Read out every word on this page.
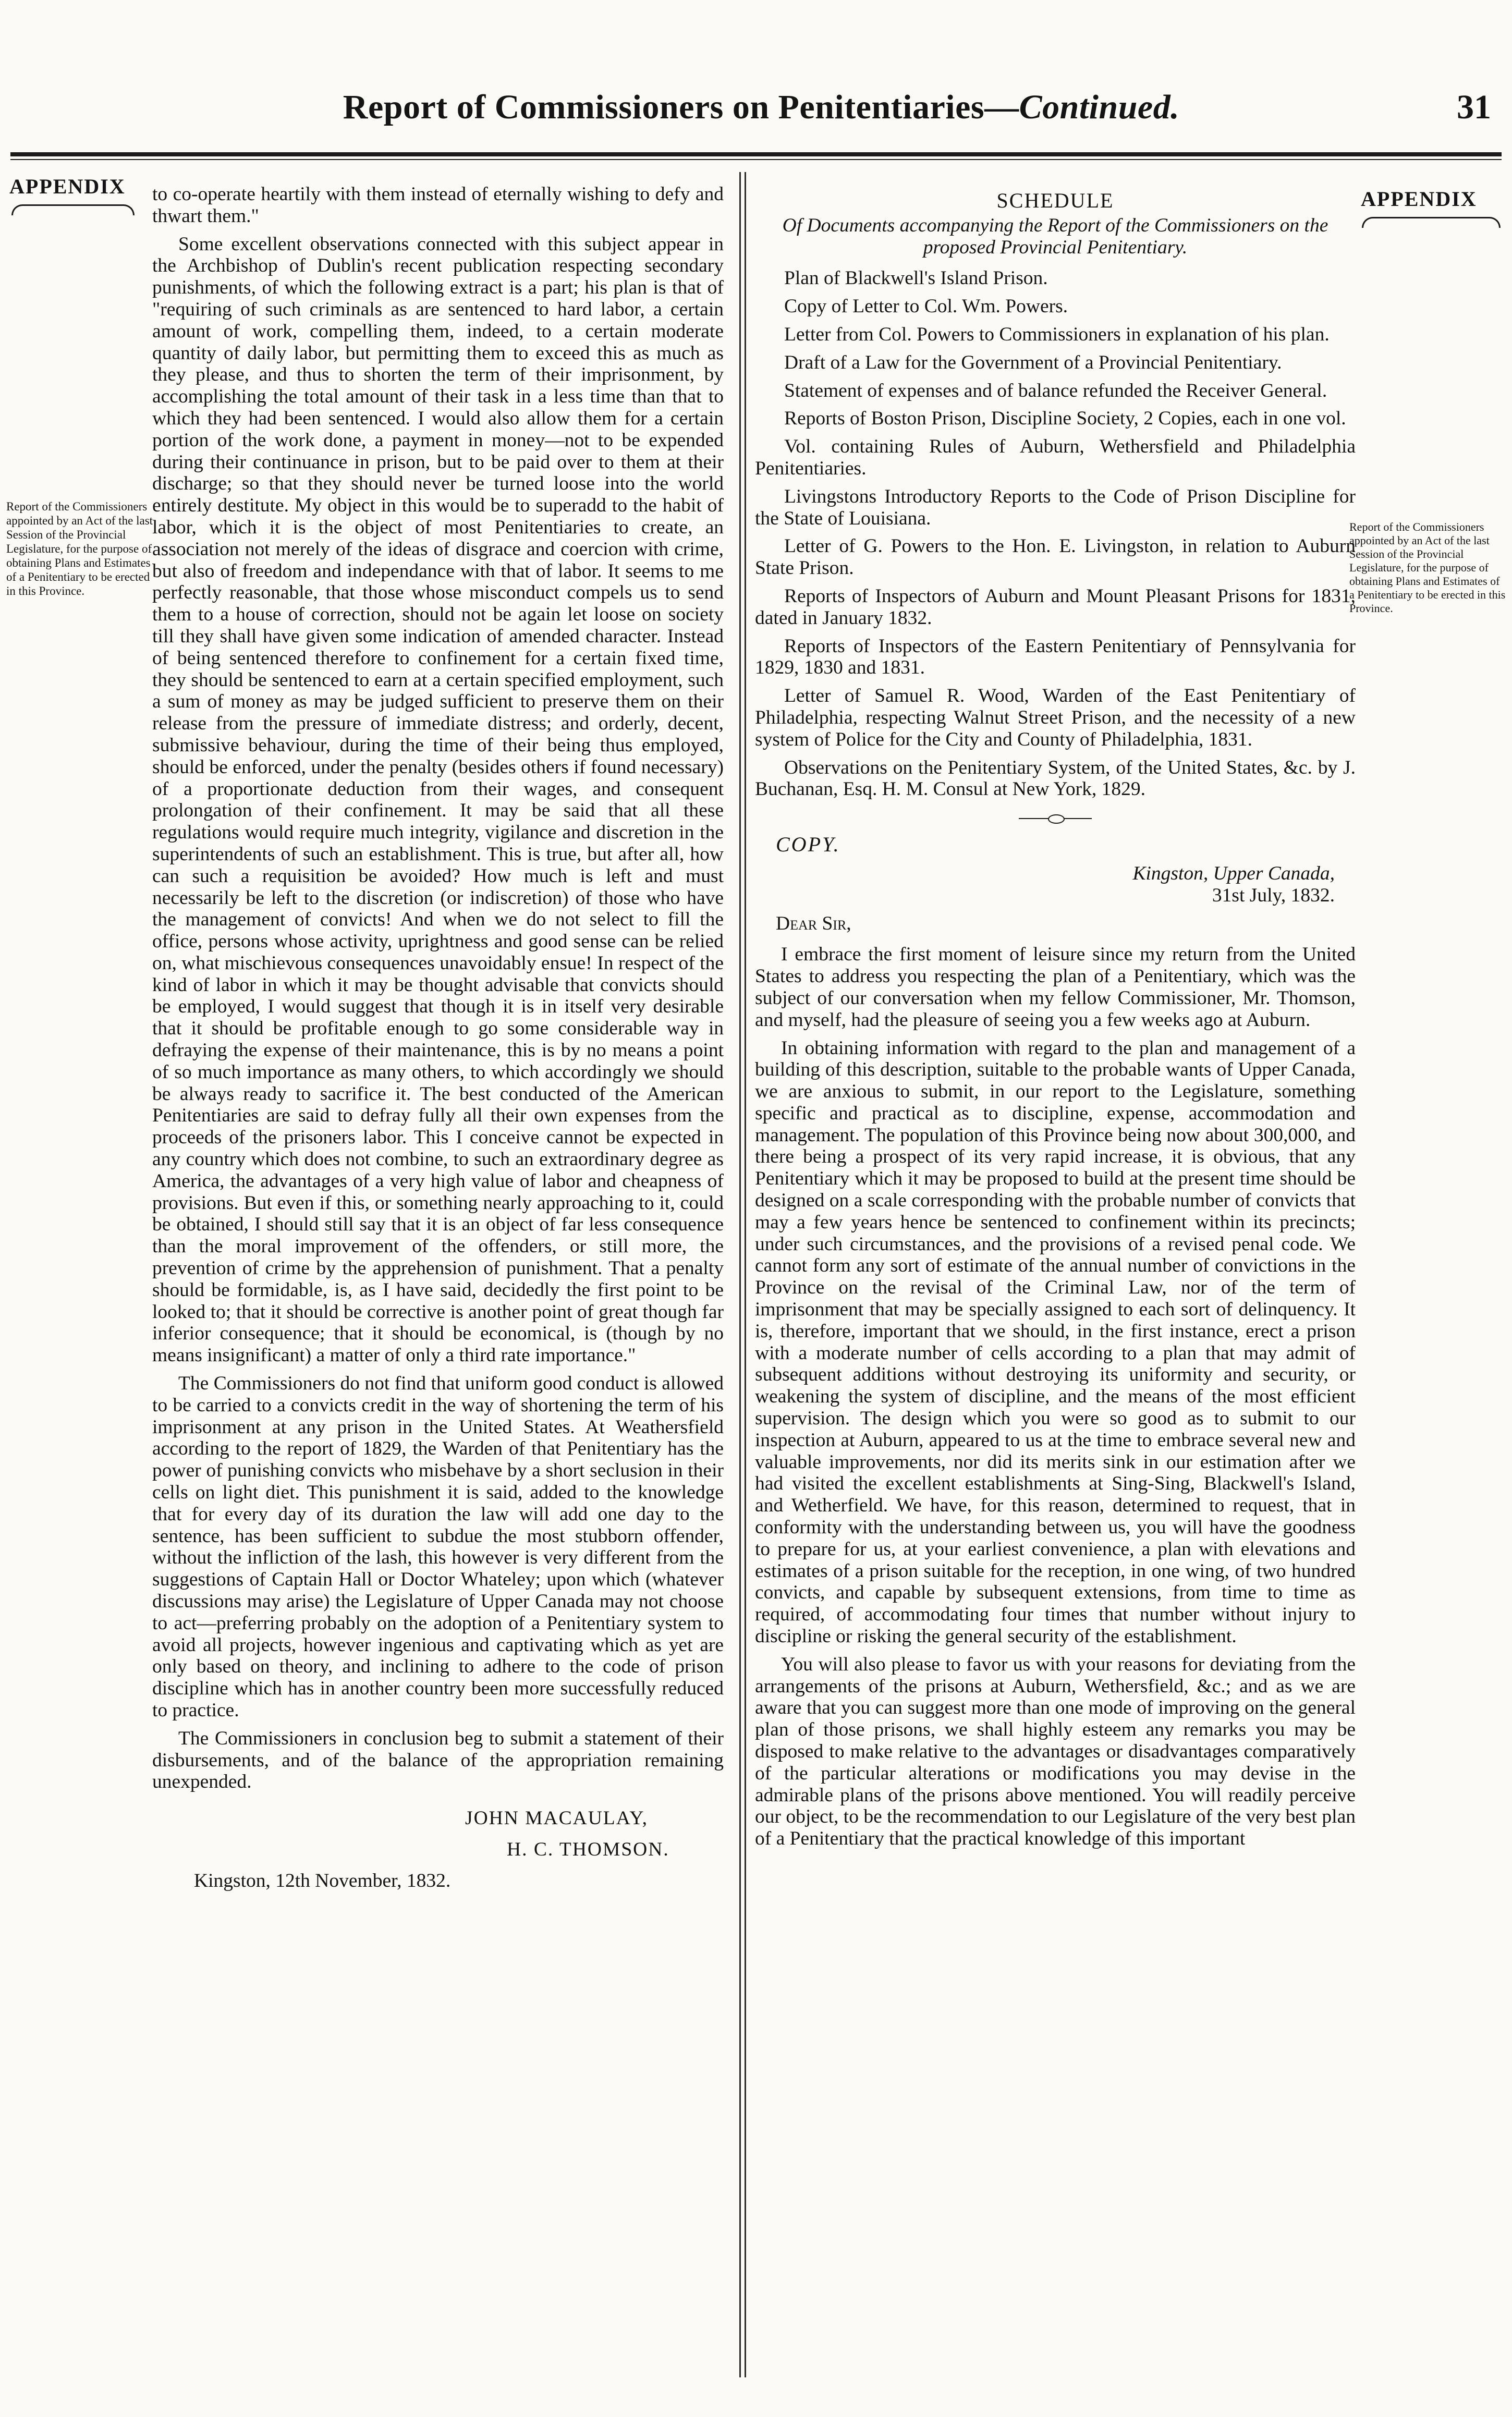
Report of Commissioners on Penitentiaries—Continued.	31
APPENDIX
APPENDIX
Report of the Commissioners appointed by an Act of the last Session of the Provincial Legislature, for the purpose of obtaining Plans and Estimates of a Penitentiary to be erected in this Province.
Report of the Commissioners appointed by an Act of the last Session of the Provincial Legislature, for the purpose of obtaining Plans and Estimates of a Penitentiary to be erected in this Province.

to co-operate heartily with them instead of eternally wishing to defy and thwart them."

Some excellent observations connected with this subject appear in the Archbishop of Dublin's recent publication respecting secondary punishments, of which the following extract is a part; his plan is that of "requiring of such criminals as are sentenced to hard labor, a certain amount of work, compelling them, indeed, to a certain moderate quantity of daily labor, but permitting them to exceed this as much as they please, and thus to shorten the term of their imprisonment, by accomplishing the total amount of their task in a less time than that to which they had been sentenced. I would also allow them for a certain portion of the work done, a payment in money—not to be expended during their continuance in prison, but to be paid over to them at their discharge; so that they should never be turned loose into the world entirely destitute. My object in this would be to superadd to the habit of labor, which it is the object of most Penitentiaries to create, an association not merely of the ideas of disgrace and coercion with crime, but also of freedom and independance with that of labor. It seems to me perfectly reasonable, that those whose misconduct compels us to send them to a house of correction, should not be again let loose on society till they shall have given some indication of amended character. Instead of being sentenced therefore to confinement for a certain fixed time, they should be sentenced to earn at a certain specified employment, such a sum of money as may be judged sufficient to preserve them on their release from the pressure of immediate distress; and orderly, decent, submissive behaviour, during the time of their being thus employed, should be enforced, under the penalty (besides others if found necessary) of a proportionate deduction from their wages, and consequent prolongation of their confinement. It may be said that all these regulations would require much integrity, vigilance and discretion in the superintendents of such an establishment. This is true, but after all, how can such a requisition be avoided? How much is left and must necessarily be left to the discretion (or indiscretion) of those who have the management of convicts! And when we do not select to fill the office, persons whose activity, uprightness and good sense can be relied on, what mischievous consequences unavoidably ensue! In respect of the kind of labor in which it may be thought advisable that convicts should be employed, I would suggest that though it is in itself very desirable that it should be profitable enough to go some considerable way in defraying the expense of their maintenance, this is by no means a point of so much importance as many others, to which accordingly we should be always ready to sacrifice it. The best conducted of the American Penitentiaries are said to defray fully all their own expenses from the proceeds of the prisoners labor. This I conceive cannot be expected in any country which does not combine, to such an extraordinary degree as America, the advantages of a very high value of labor and cheapness of provisions. But even if this, or something nearly approaching to it, could be obtained, I should still say that it is an object of far less consequence than the moral improvement of the offenders, or still more, the prevention of crime by the apprehension of punishment. That a penalty should be formidable, is, as I have said, decidedly the first point to be looked to; that it should be corrective is another point of great though far inferior consequence; that it should be economical, is (though by no means insignificant) a matter of only a third rate importance."

The Commissioners do not find that uniform good conduct is allowed to be carried to a convicts credit in the way of shortening the term of his imprisonment at any prison in the United States. At Weathersfield according to the report of 1829, the Warden of that Penitentiary has the power of punishing convicts who misbehave by a short seclusion in their cells on light diet. This punishment it is said, added to the knowledge that for every day of its duration the law will add one day to the sentence, has been sufficient to subdue the most stubborn offender, without the infliction of the lash, this however is very different from the suggestions of Captain Hall or Doctor Whateley; upon which (whatever discussions may arise) the Legislature of Upper Canada may not choose to act—preferring probably on the adoption of a Penitentiary system to avoid all projects, however ingenious and captivating which as yet are only based on theory, and inclining to adhere to the code of prison discipline which has in another country been more successfully reduced to practice.

The Commissioners in conclusion beg to submit a statement of their disbursements, and of the balance of the appropriation remaining unexpended.

JOHN MACAULAY,

H. C. THOMSON.

Kingston, 12th November, 1832.

SCHEDULE

Of Documents accompanying the Report of the Commissioners on the proposed Provincial Penitentiary.

Plan of Blackwell's Island Prison.

Copy of Letter to Col. Wm. Powers.

Letter from Col. Powers to Commissioners in explanation of his plan.

Draft of a Law for the Government of a Provincial Penitentiary.

Statement of expenses and of balance refunded the Receiver General.

Reports of Boston Prison, Discipline Society, 2 Copies, each in one vol.

Vol. containing Rules of Auburn, Wethersfield and Philadelphia Penitentiaries.

Livingstons Introductory Reports to the Code of Prison Discipline for the State of Louisiana.

Letter of G. Powers to the Hon. E. Livingston, in relation to Auburn State Prison.

Reports of Inspectors of Auburn and Mount Pleasant Prisons for 1831, dated in January 1832.

Reports of Inspectors of the Eastern Penitentiary of Pennsylvania for 1829, 1830 and 1831.

Letter of Samuel R. Wood, Warden of the East Penitentiary of Philadelphia, respecting Walnut Street Prison, and the necessity of a new system of Police for the City and County of Philadelphia, 1831.

Observations on the Penitentiary System, of the United States, &c. by J. Buchanan, Esq. H. M. Consul at New York, 1829.

COPY.

Kingston, Upper Canada,

31st July, 1832.

Dear Sir,

I embrace the first moment of leisure since my return from the United States to address you respecting the plan of a Penitentiary, which was the subject of our conversation when my fellow Commissioner, Mr. Thomson, and myself, had the pleasure of seeing you a few weeks ago at Auburn.

In obtaining information with regard to the plan and management of a building of this description, suitable to the probable wants of Upper Canada, we are anxious to submit, in our report to the Legislature, something specific and practical as to discipline, expense, accommodation and management. The population of this Province being now about 300,000, and there being a prospect of its very rapid increase, it is obvious, that any Penitentiary which it may be proposed to build at the present time should be designed on a scale corresponding with the probable number of convicts that may a few years hence be sentenced to confinement within its precincts; under such circumstances, and the provisions of a revised penal code. We cannot form any sort of estimate of the annual number of convictions in the Province on the revisal of the Criminal Law, nor of the term of imprisonment that may be specially assigned to each sort of delinquency. It is, therefore, important that we should, in the first instance, erect a prison with a moderate number of cells according to a plan that may admit of subsequent additions without destroying its uniformity and security, or weakening the system of discipline, and the means of the most efficient supervision. The design which you were so good as to submit to our inspection at Auburn, appeared to us at the time to embrace several new and valuable improvements, nor did its merits sink in our estimation after we had visited the excellent establishments at Sing-Sing, Blackwell's Island, and Wetherfield. We have, for this reason, determined to request, that in conformity with the understanding between us, you will have the goodness to prepare for us, at your earliest convenience, a plan with elevations and estimates of a prison suitable for the reception, in one wing, of two hundred convicts, and capable by subsequent extensions, from time to time as required, of accommodating four times that number without injury to discipline or risking the general security of the establishment.

You will also please to favor us with your reasons for deviating from the arrangements of the prisons at Auburn, Wethersfield, &c.; and as we are aware that you can suggest more than one mode of improving on the general plan of those prisons, we shall highly esteem any remarks you may be disposed to make relative to the advantages or disadvantages comparatively of the particular alterations or modifications you may devise in the admirable plans of the prisons above mentioned. You will readily perceive our object, to be the recommendation to our Legislature of the very best plan of a Penitentiary that the practical knowledge of this important
